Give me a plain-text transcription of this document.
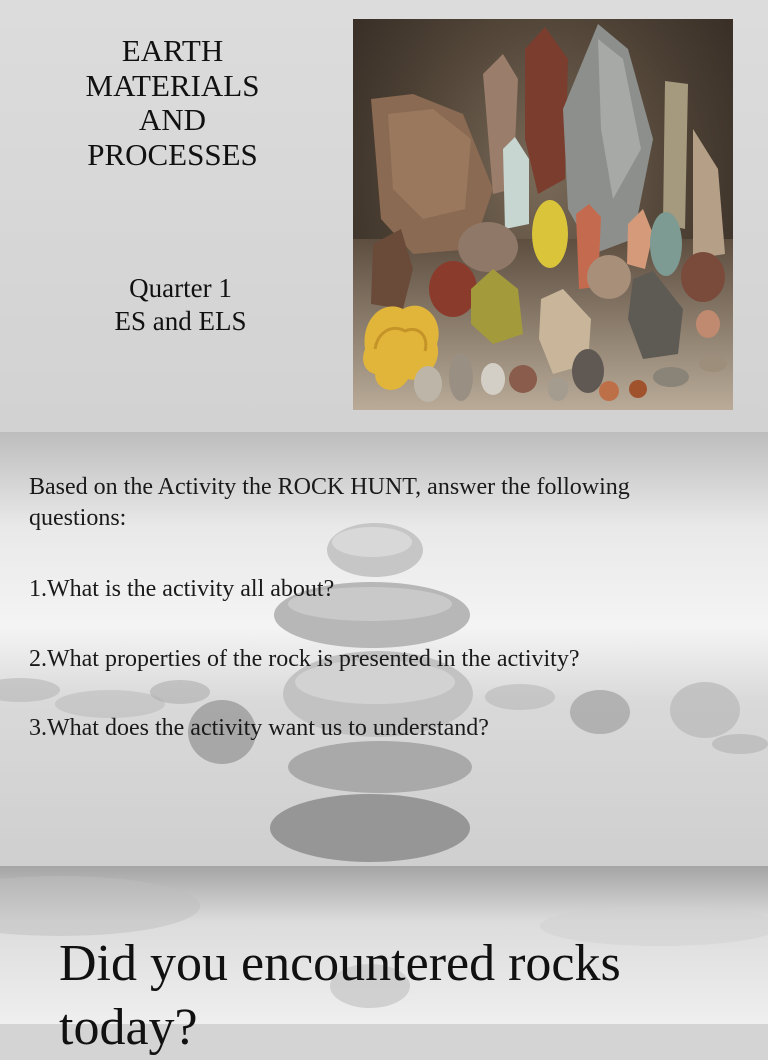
EARTH
MATERIALS
AND
PROCESSES
Quarter 1
ES and ELS
Based on the Activity the ROCK HUNT, answer the following questions:
1.What is the activity all about?
2.What properties of the rock is presented in the activity?
3.What does the activity want us to understand?
Did you encountered rocks
today?
